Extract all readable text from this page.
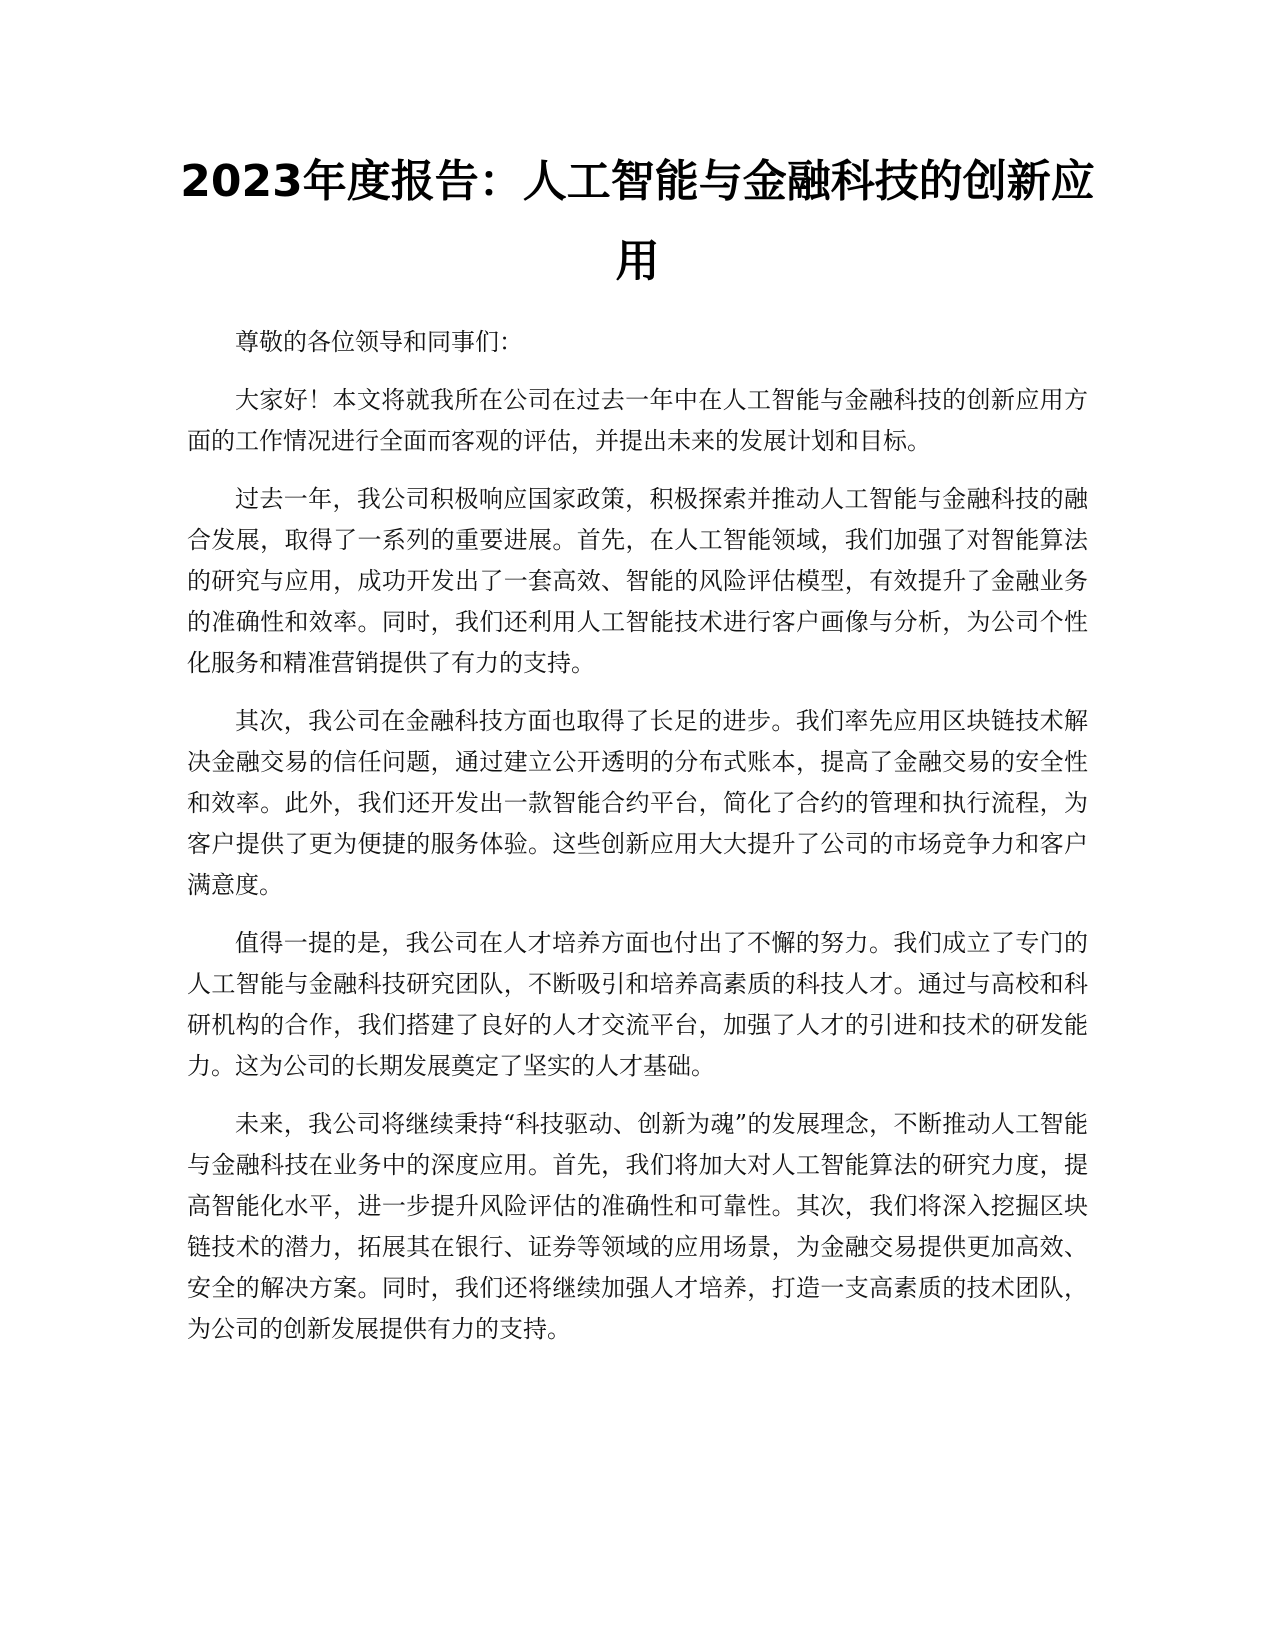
2023年度报告：人工智能与金融科技的创新应用

尊敬的各位领导和同事们：

大家好！本文将就我所在公司在过去一年中在人工智能与金融科技的创新应用方面的工作情况进行全面而客观的评估，并提出未来的发展计划和目标。

过去一年，我公司积极响应国家政策，积极探索并推动人工智能与金融科技的融合发展，取得了一系列的重要进展。首先，在人工智能领域，我们加强了对智能算法的研究与应用，成功开发出了一套高效、智能的风险评估模型，有效提升了金融业务的准确性和效率。同时，我们还利用人工智能技术进行客户画像与分析，为公司个性化服务和精准营销提供了有力的支持。

其次，我公司在金融科技方面也取得了长足的进步。我们率先应用区块链技术解决金融交易的信任问题，通过建立公开透明的分布式账本，提高了金融交易的安全性和效率。此外，我们还开发出一款智能合约平台，简化了合约的管理和执行流程，为客户提供了更为便捷的服务体验。这些创新应用大大提升了公司的市场竞争力和客户满意度。

值得一提的是，我公司在人才培养方面也付出了不懈的努力。我们成立了专门的人工智能与金融科技研究团队，不断吸引和培养高素质的科技人才。通过与高校和科研机构的合作，我们搭建了良好的人才交流平台，加强了人才的引进和技术的研发能力。这为公司的长期发展奠定了坚实的人才基础。

未来，我公司将继续秉持“科技驱动、创新为魂”的发展理念，不断推动人工智能与金融科技在业务中的深度应用。首先，我们将加大对人工智能算法的研究力度，提高智能化水平，进一步提升风险评估的准确性和可靠性。其次，我们将深入挖掘区块链技术的潜力，拓展其在银行、证券等领域的应用场景，为金融交易提供更加高效、安全的解决方案。同时，我们还将继续加强人才培养，打造一支高素质的技术团队，为公司的创新发展提供有力的支持。
